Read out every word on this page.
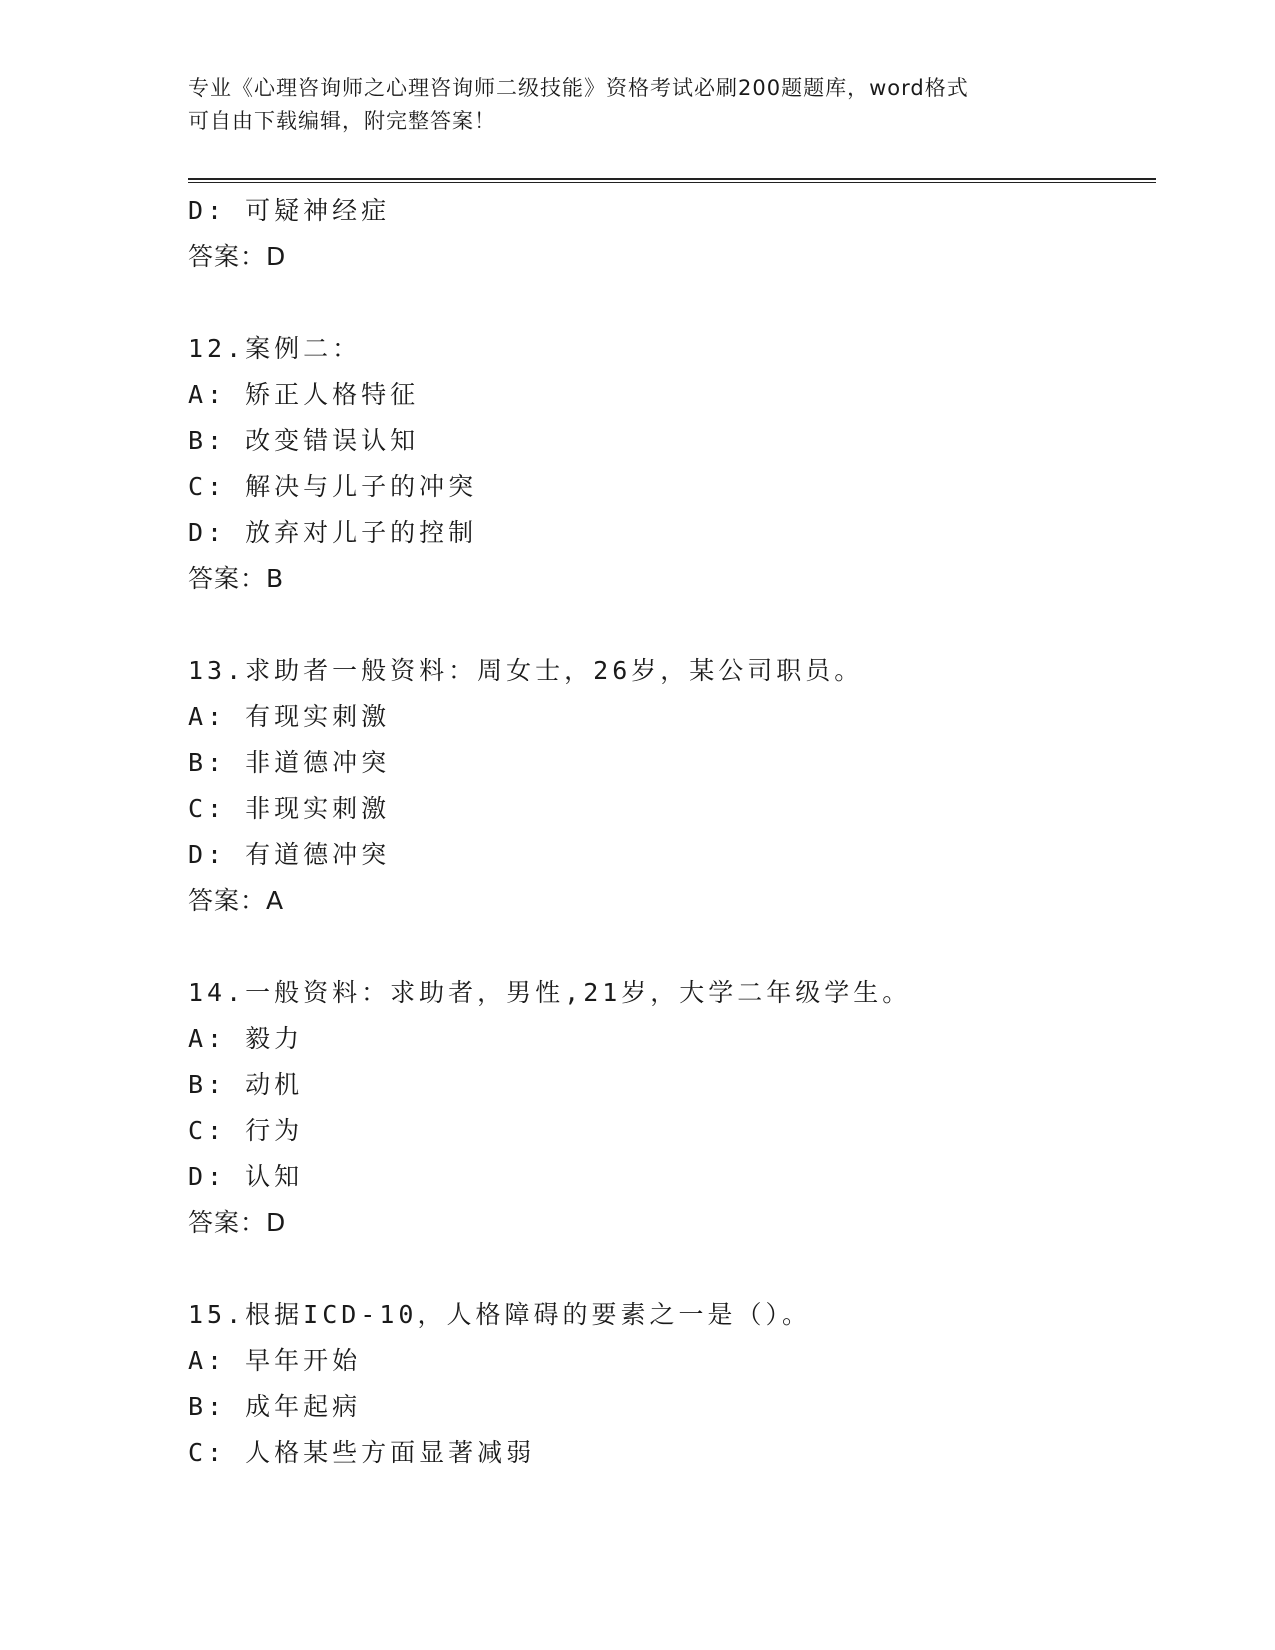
专业《心理咨询师之心理咨询师二级技能》资格考试必刷200题题库，word格式
可自由下载编辑，附完整答案！
D: 可疑神经症
答案：D
12.案例二：
A: 矫正人格特征
B: 改变错误认知
C: 解决与儿子的冲突
D: 放弃对儿子的控制
答案：B
13.求助者一般资料：周女士，26岁，某公司职员。
A: 有现实刺激
B: 非道德冲突
C: 非现实刺激
D: 有道德冲突
答案：A
14.一般资料：求助者，男性,21岁，大学二年级学生。
A: 毅力
B: 动机
C: 行为
D: 认知
答案：D
15.根据ICD-10，人格障碍的要素之一是（）。
A: 早年开始
B: 成年起病
C: 人格某些方面显著减弱
